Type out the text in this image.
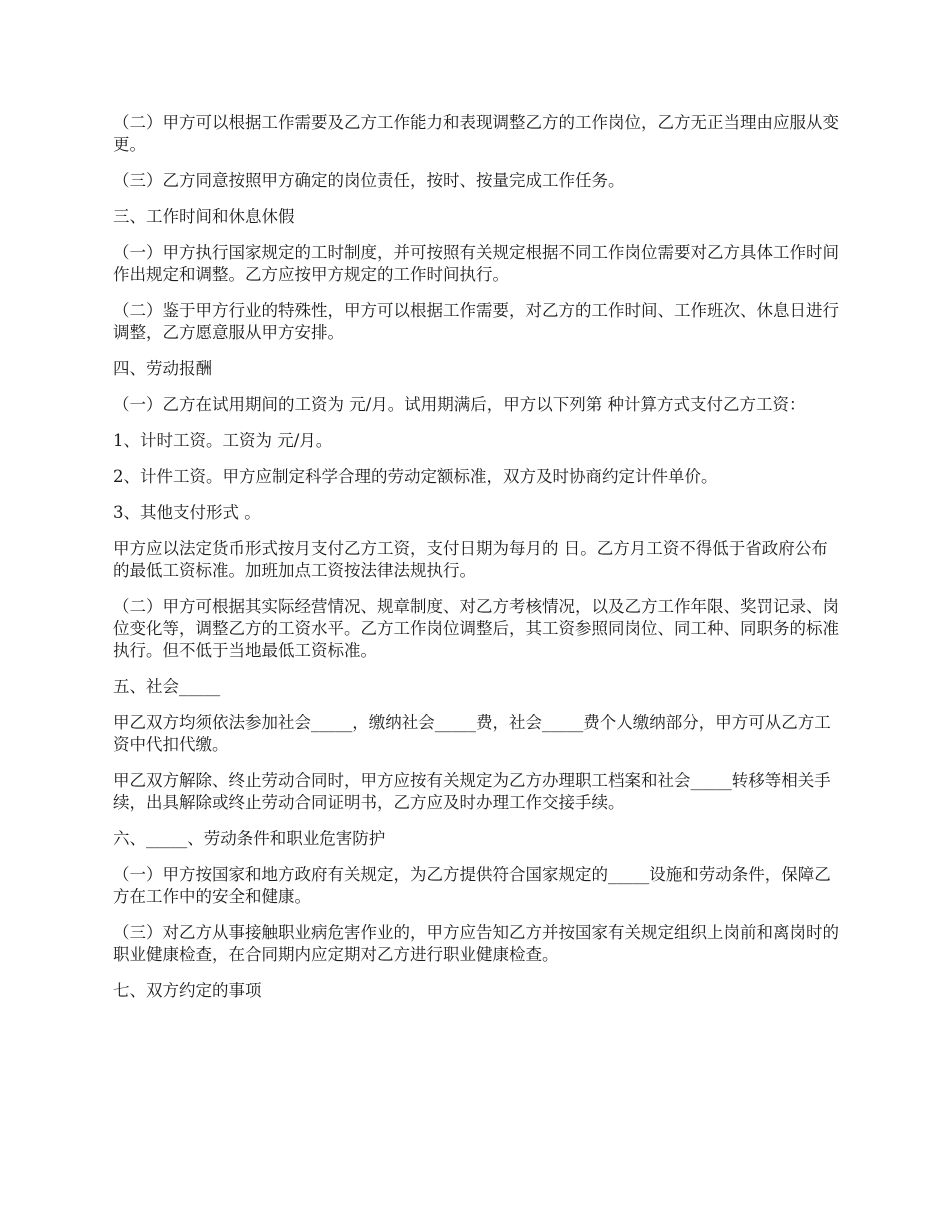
（二）甲方可以根据工作需要及乙方工作能力和表现调整乙方的工作岗位，乙方无正当理由应服从变更。

（三）乙方同意按照甲方确定的岗位责任，按时、按量完成工作任务。

三、工作时间和休息休假

（一）甲方执行国家规定的工时制度，并可按照有关规定根据不同工作岗位需要对乙方具体工作时间作出规定和调整。乙方应按甲方规定的工作时间执行。

（二）鉴于甲方行业的特殊性，甲方可以根据工作需要，对乙方的工作时间、工作班次、休息日进行调整，乙方愿意服从甲方安排。

四、劳动报酬

（一）乙方在试用期间的工资为 元/月。试用期满后，甲方以下列第 种计算方式支付乙方工资：

1、计时工资。工资为 元/月。

2、计件工资。甲方应制定科学合理的劳动定额标准，双方及时协商约定计件单价。

3、其他支付形式 。

甲方应以法定货币形式按月支付乙方工资，支付日期为每月的 日。乙方月工资不得低于省政府公布的最低工资标准。加班加点工资按法律法规执行。

（二）甲方可根据其实际经营情况、规章制度、对乙方考核情况，以及乙方工作年限、奖罚记录、岗位变化等，调整乙方的工资水平。乙方工作岗位调整后，其工资参照同岗位、同工种、同职务的标准执行。但不低于当地最低工资标准。

五、社会_____

甲乙双方均须依法参加社会_____，缴纳社会_____费，社会_____费个人缴纳部分，甲方可从乙方工资中代扣代缴。

甲乙双方解除、终止劳动合同时，甲方应按有关规定为乙方办理职工档案和社会_____转移等相关手续，出具解除或终止劳动合同证明书，乙方应及时办理工作交接手续。

六、_____、劳动条件和职业危害防护

（一）甲方按国家和地方政府有关规定，为乙方提供符合国家规定的_____设施和劳动条件，保障乙方在工作中的安全和健康。

（三）对乙方从事接触职业病危害作业的，甲方应告知乙方并按国家有关规定组织上岗前和离岗时的职业健康检查，在合同期内应定期对乙方进行职业健康检查。

七、双方约定的事项
